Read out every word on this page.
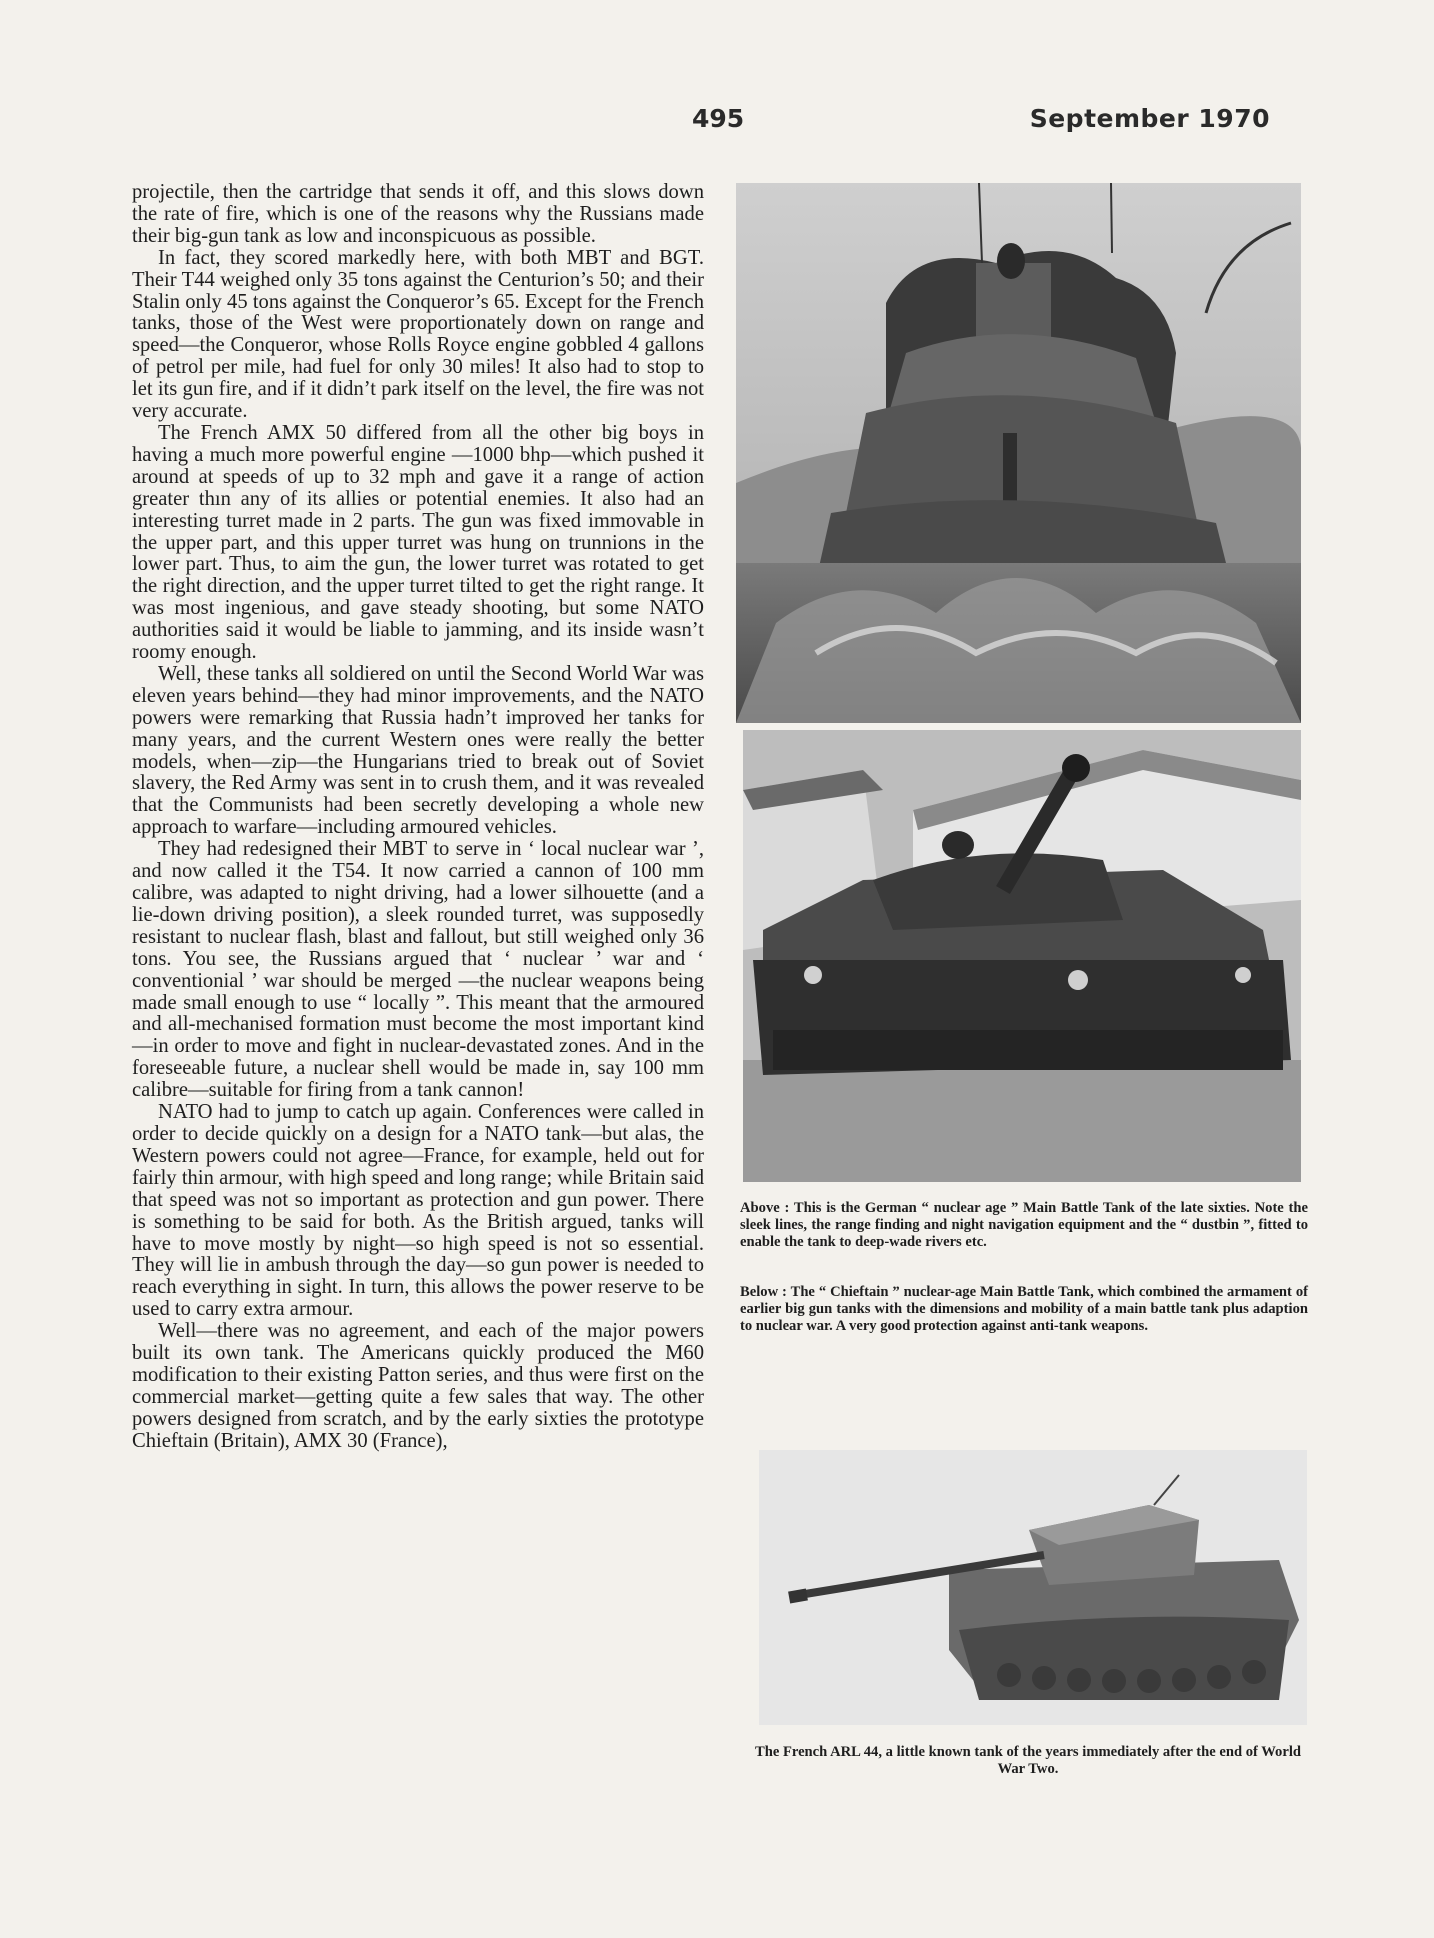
495	September 1970

projectile, then the cartridge that sends it off, and this slows down the rate of fire, which is one of the reasons why the Russians made their big-gun tank as low and inconspicuous as possible.

In fact, they scored markedly here, with both MBT and BGT. Their T44 weighed only 35 tons against the Centurion’s 50; and their Stalin only 45 tons against the Conqueror’s 65. Except for the French tanks, those of the West were proportionately down on range and speed—the Conqueror, whose Rolls Royce engine gobbled 4 gallons of petrol per mile, had fuel for only 30 miles! It also had to stop to let its gun fire, and if it didn’t park itself on the level, the fire was not very accurate.

The French AMX 50 differed from all the other big boys in having a much more powerful engine —1000 bhp—which pushed it around at speeds of up to 32 mph and gave it a range of action greater thın any of its allies or potential enemies. It also had an interesting turret made in 2 parts. The gun was fixed immovable in the upper part, and this upper turret was hung on trunnions in the lower part. Thus, to aim the gun, the lower turret was rotated to get the right direction, and the upper turret tilted to get the right range. It was most ingenious, and gave steady shooting, but some NATO authorities said it would be liable to jamming, and its inside wasn’t roomy enough.

Well, these tanks all soldiered on until the Second World War was eleven years behind—they had minor improvements, and the NATO powers were remarking that Russia hadn’t improved her tanks for many years, and the current Western ones were really the better models, when—zip—the Hungarians tried to break out of Soviet slavery, the Red Army was sent in to crush them, and it was revealed that the Communists had been secretly developing a whole new approach to warfare—including armoured vehicles.

They had redesigned their MBT to serve in ‘ local nuclear war ’, and now called it the T54. It now carried a cannon of 100 mm calibre, was adapted to night driving, had a lower silhouette (and a lie-down driving position), a sleek rounded turret, was supposedly resistant to nuclear flash, blast and fallout, but still weighed only 36 tons. You see, the Russians argued that ‘ nuclear ’ war and ‘ conventionial ’ war should be merged —the nuclear weapons being made small enough to use “ locally ”. This meant that the armoured and all-mechanised formation must become the most important kind—in order to move and fight in nuclear-devastated zones. And in the foreseeable future, a nuclear shell would be made in, say 100 mm calibre—suitable for firing from a tank cannon!

NATO had to jump to catch up again. Conferences were called in order to decide quickly on a design for a NATO tank—but alas, the Western powers could not agree—France, for example, held out for fairly thin armour, with high speed and long range; while Britain said that speed was not so important as protection and gun power. There is something to be said for both. As the British argued, tanks will have to move mostly by night—so high speed is not so essential. They will lie in ambush through the day—so gun power is needed to reach everything in sight. In turn, this allows the power reserve to be used to carry extra armour.

Well—there was no agreement, and each of the major powers built its own tank. The Americans quickly produced the M60 modification to their existing Patton series, and thus were first on the commercial market—getting quite a few sales that way. The other powers designed from scratch, and by the early sixties the prototype Chieftain (Britain), AMX 30 (France),

Above : This is the German “ nuclear age ” Main Battle Tank of the late sixties. Note the sleek lines, the range finding and night navigation equipment and the “ dustbin ”, fitted to enable the tank to deep-wade rivers etc.
Below : The “ Chieftain ” nuclear-age Main Battle Tank, which combined the armament of earlier big gun tanks with the dimensions and mobility of a main battle tank plus adaption to nuclear war. A very good protection against anti-tank weapons.
The French ARL 44, a little known tank of the years immediately after the end of World War Two.
